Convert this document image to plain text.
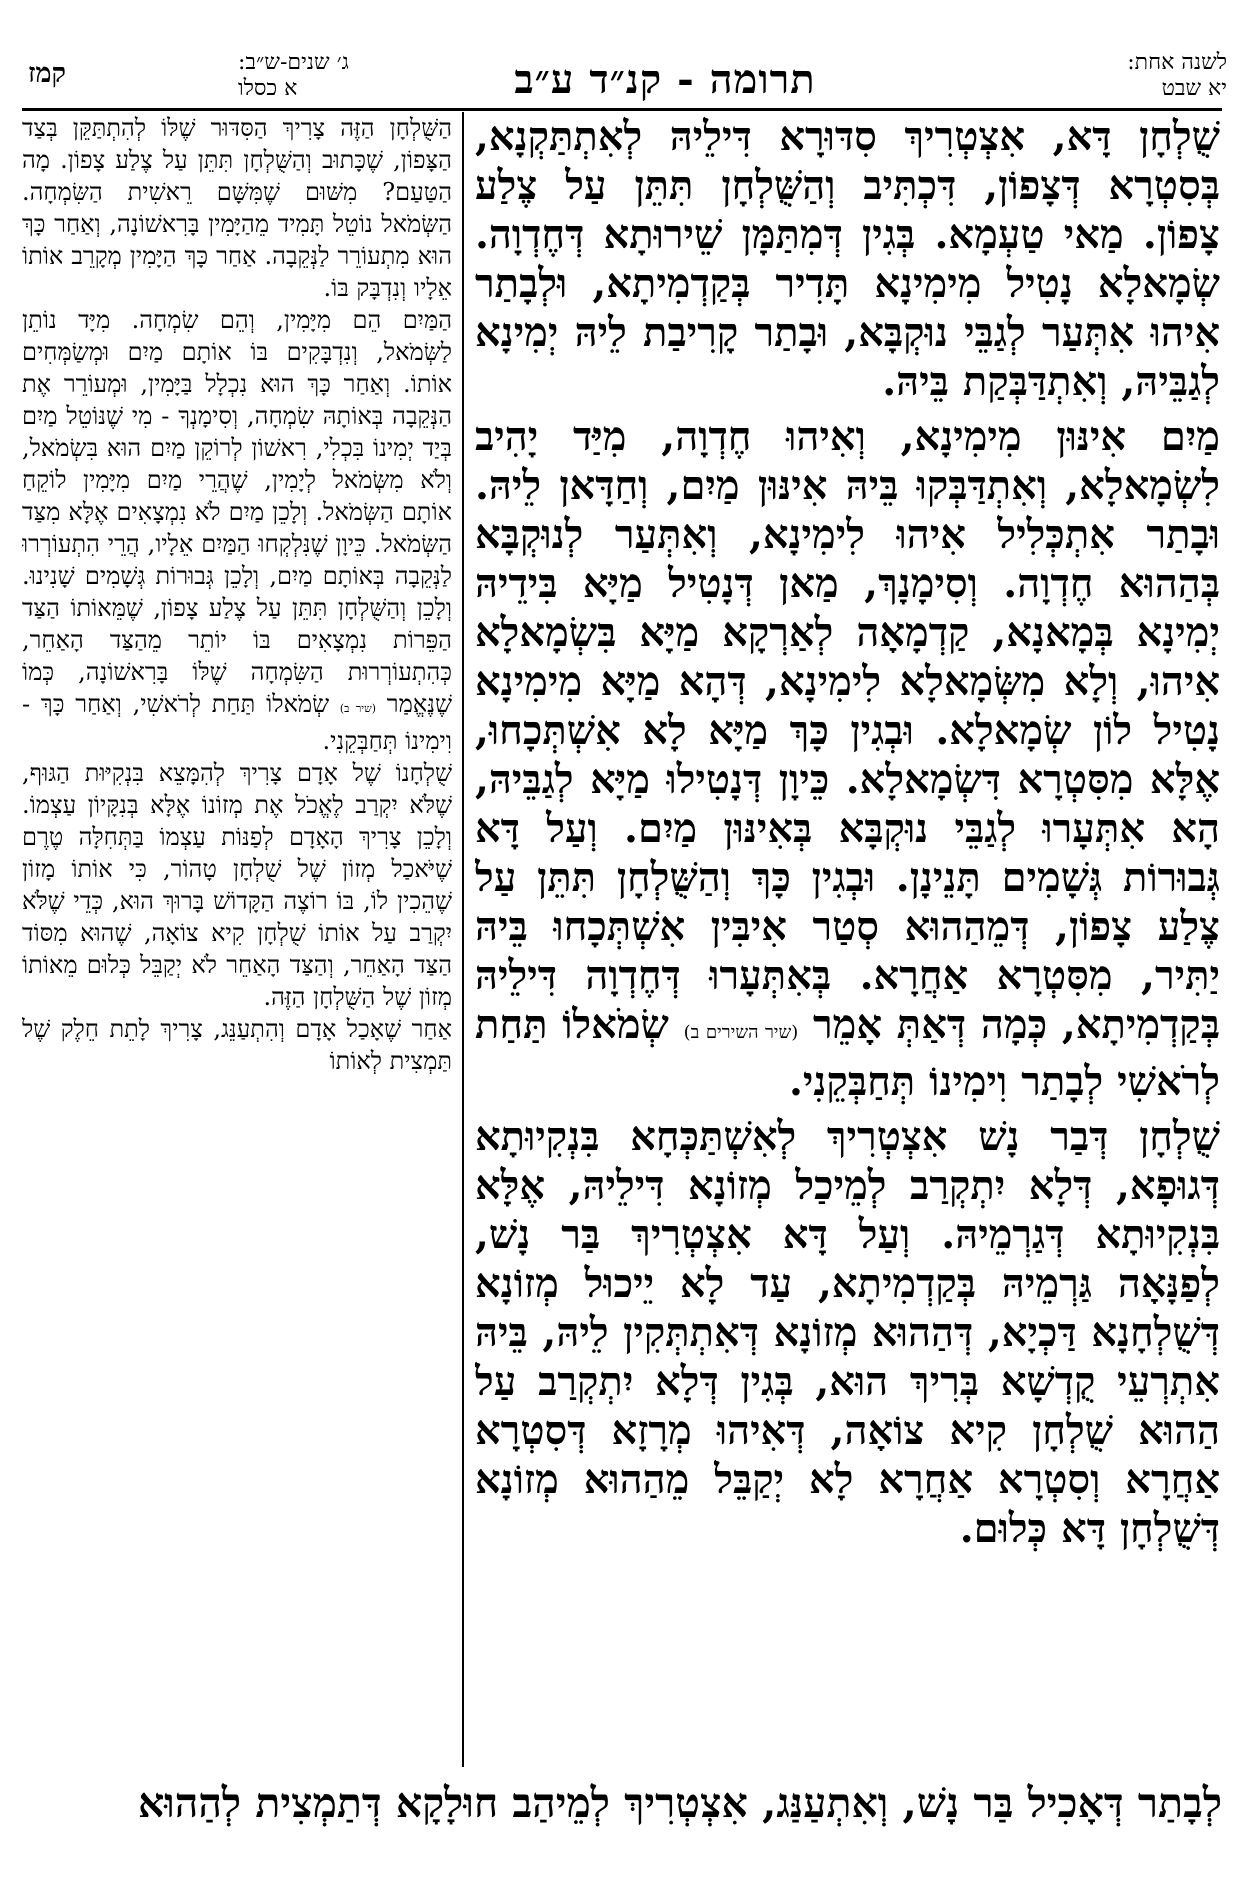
קמז	ג׳ שנים-ש״ב:
א כסלו	תרומה - קנ״ד ע״ב	לשנה אחת:
יא שבט

שֻׁלְחָן דָּא, אִצְטְרִיךְ סִדּוּרָא דִּילֵיהּ לְאִתְתַּקְנָא, בְּסִטְרָא דְּצָפוֹן, דִּכְתִּיב וְהַשֻּׁלְחָן תִּתֵּן עַל צֶלַע צָפוֹן. מַאי טַעְמָא. בְּגִין דְּמִתַּמָּן שֵׁירוּתָא דְּחֶדְוָה. שְׂמָאלָא נָטִיל מִימִינָא תָּדִיר בְּקַדְמִיתָא, וּלְבָתַר אִיהוּ אִתְּעַר לְגַבֵּי נוּקְבָּא, וּבָתַר קָרִיבַת לֵיהּ יְמִינָא לְגַבֵּיהּ, וְאִתְדַּבְּקַת בֵּיהּ.

מַיִם אִינּוּן מִימִינָא, וְאִיהוּ חֶדְוָה, מִיַּד יָהִיב לִשְׂמָאלָא, וְאִתְדַּבְּקוּ בֵּיהּ אִינּוּן מַיִם, וְחַדָּאן לֵיהּ. וּבָתַר אִתְכְּלִיל אִיהוּ לִימִינָא, וְאִתְּעַר לְנוּקְבָּא בְּהַהוּא חֶדְוָה. וְסִימָנָךְ, מַאן דְּנָטִיל מַיָּא בִּידֵיהּ יְמִינָא בְּמָאנָא, קַדְמָאָה לְאַרְקָא מַיָּא בִּשְׂמָאלָא אִיהוּ, וְלָא מִשְּׂמָאלָא לִימִינָא, דְּהָא מַיָּא מִימִינָא נָטִיל לוֹן שְׂמָאלָא. וּבְגִין כָּךְ מַיָּא לָא אִשְׁתְּכָחוּ, אֶלָּא מִסִּטְרָא דִּשְׂמָאלָא. כֵּיוָן דְּנָטִילוּ מַיָּא לְגַבֵּיהּ, הָא אִתְּעָרוּ לְגַבֵּי נוּקְבָּא בְּאִינּוּן מַיִם. וְעַל דָּא גְּבוּרוֹת גְּשָׁמִים תָּנֵינָן. וּבְגִין כָּךְ וְהַשֻּׁלְחָן תִּתֵּן עַל צֶלַע צָפוֹן, דְּמֵהַהוּא סְטַר אִיבִּין אִשְׁתְּכָחוּ בֵּיהּ יַתִּיר, מִסִּטְרָא אַחֲרָא. בְּאִתְּעָרוּ דְּחֶדְוָה דִּילֵיהּ בְּקַדְמִיתָא, כְּמָה דְּאַתְּ אָמֵר (שיר השירים ב) שְׂמֹאלוֹ תַּחַת לְרֹאשִׁי לְבָתַר וִימִינוֹ תְּחַבְּקֵנִי.

שֻׁלְחָן דְּבַר נָשׁ אִצְטְרִיךְ לְאִשְׁתַּכְּחָא בִּנְקִיוּתָא דְּגוּפָא, דְּלָא יִתְקְרַב לְמֵיכַל מְזוֹנָא דִּילֵיהּ, אֶלָּא בִּנְקִיוּתָא דְּגַרְמֵיהּ. וְעַל דָּא אִצְטְרִיךְ בַּר נָשׁ, לְפַנָּאָה גַּרְמֵיהּ בְּקַדְמִיתָא, עַד לָא יֵיכוּל מְזוֹנָא דְּשֻׁלְחָנָא דַּכְיָא, דְּהַהוּא מְזוֹנָא דְּאִתְתְּקִין לֵיהּ, בֵּיהּ אִתְרְעֵי קֻדְשָׁא בְּרִיךְ הוּא, בְּגִין דְּלָא יִתְקְרַב עַל הַהוּא שֻׁלְחָן קִיא צוֹאָה, דְּאִיהוּ מְרָזָא דְּסִטְרָא אַחֲרָא וְסִטְרָא אַחֲרָא לָא יְקַבֵּל מֵהַהוּא מְזוֹנָא דְּשֻׁלְחָן דָּא כְּלוּם.

הַשֻּׁלְחָן הַזֶּה צָרִיךְ הַסִּדּוּר שֶׁלּוֹ לְהִתְתַּקֵּן בְּצַד הַצָּפוֹן, שֶׁכָּתוּב וְהַשֻּׁלְחָן תִּתֵּן עַל צֶלַע צָפוֹן. מָה הַטַּעַם? מִשּׁוּם שֶׁמִּשָּׁם רֵאשִׁית הַשִּׂמְחָה. הַשְּׂמֹאל נוֹטֵל תָּמִיד מֵהַיָּמִין בָּרִאשׁוֹנָה, וְאַחַר כָּךְ הוּא מִתְעוֹרֵר לַנְּקֵבָה. אַחַר כָּךְ הַיָּמִין מְקָרֵב אוֹתוֹ אֵלָיו וְנִדְבָּק בּוֹ.

הַמַּיִם הֵם מִיָּמִין, וְהֵם שִׂמְחָה. מִיָּד נוֹתֵן לַשְּׂמֹאל, וְנִדְבָּקִים בּוֹ אוֹתָם מַיִם וּמְשַׂמְּחִים אוֹתוֹ. וְאַחַר כָּךְ הוּא נִכְלָל בַּיָּמִין, וּמְעוֹרֵר אֶת הַנְּקֵבָה בְּאוֹתָהּ שִׂמְחָה, וְסִימָנְךָ - מִי שֶׁנּוֹטֵל מַיִם בְּיַד יְמִינוֹ בִּכְלִי, רִאשׁוֹן לְרוֹקֵן מַיִם הוּא בִּשְׂמֹאל, וְלֹא מִשְּׂמֹאל לְיָמִין, שֶׁהֲרֵי מַיִם מִיָּמִין לוֹקֵחַ אוֹתָם הַשְּׂמֹאל. וְלָכֵן מַיִם לֹא נִמְצָאִים אֶלָּא מִצַּד הַשְּׂמֹאל. כֵּיוָן שֶׁנִּלְקְחוּ הַמַּיִם אֵלָיו, הֲרֵי הִתְעוֹרְרוּ לַנְּקֵבָה בְּאוֹתָם מַיִם, וְלָכֵן גְּבוּרוֹת גְּשָׁמִים שָׁנִינוּ. וְלָכֵן וְהַשֻּׁלְחָן תִּתֵּן עַל צֶלַע צָפוֹן, שֶׁמֵּאוֹתוֹ הַצַּד הַפֵּרוֹת נִמְצָאִים בּוֹ יוֹתֵר מֵהַצַּד הָאַחֵר, כְּהִתְעוֹרְרוּת הַשִּׂמְחָה שֶׁלּוֹ בָּרִאשׁוֹנָה, כְּמוֹ שֶׁנֶּאֱמַר (שיר ב) שְׂמֹאלוֹ תַּחַת לְרֹאשִׁי, וְאַחַר כָּךְ - וִימִינוֹ תְּחַבְּקֵנִי.

שֻׁלְחָנוֹ שֶׁל אָדָם צָרִיךְ לְהִמָּצֵא בִּנְקִיּוּת הַגּוּף, שֶׁלֹּא יִקְרַב לֶאֱכֹל אֶת מְזוֹנוֹ אֶלָּא בְּנִקָּיוֹן עַצְמוֹ. וְלָכֵן צָרִיךְ הָאָדָם לְפַנּוֹת עַצְמוֹ בַּתְּחִלָּה טֶרֶם שֶׁיֹּאכַל מְזוֹן שֶׁל שֻׁלְחָן טָהוֹר, כִּי אוֹתוֹ מָזוֹן שֶׁהֵכִין לוֹ, בּוֹ רוֹצֶה הַקָּדוֹשׁ בָּרוּךְ הוּא, כְּדֵי שֶׁלֹּא יִקְרַב עַל אוֹתוֹ שֻׁלְחָן קִיא צוֹאָה, שֶׁהוּא מִסּוֹד הַצַּד הָאַחֵר, וְהַצַּד הָאַחֵר לֹא יְקַבֵּל כְּלוּם מֵאוֹתוֹ מְזוֹן שֶׁל הַשֻּׁלְחָן הַזֶּה.

אַחַר שֶׁאָכַל אָדָם וְהִתְעַנֵּג, צָרִיךְ לָתֵת חֵלֶק שֶׁל תַּמְצִית לְאוֹתוֹ

לְבָתַר דְּאָכִיל בַּר נָשׁ, וְאִתְעַנַּג, אִצְטְרִיךְ לְמֵיהַב חוּלָקָא דְּתַמְצִית לְהַהוּא
